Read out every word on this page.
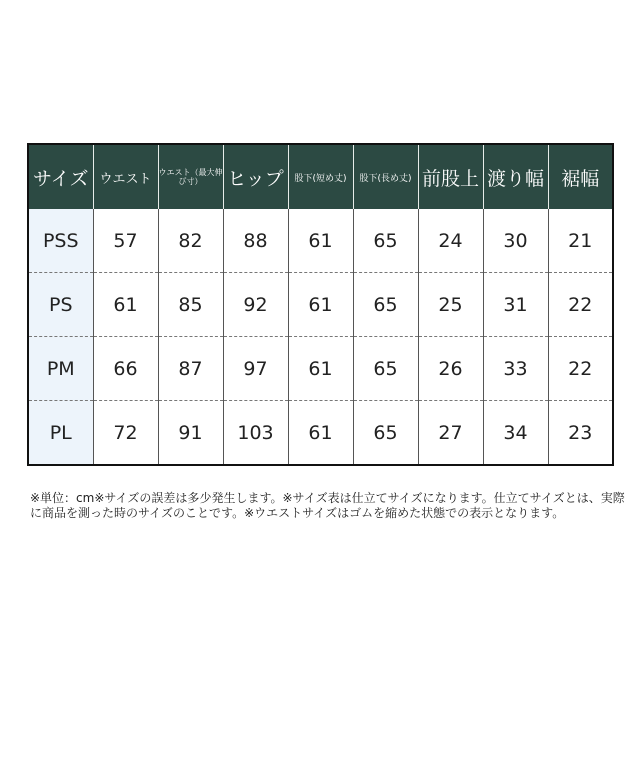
サイズ	ウエスト	ウエスト（最大伸び寸）	ヒップ	股下(短め丈)	股下(長め丈)	前股上	渡り幅	裾幅
PSS	57	82	88	61	65	24	30	21
PS	61	85	92	61	65	25	31	22
PM	66	87	97	61	65	26	33	22
PL	72	91	103	61	65	27	34	23

※単位：cm※サイズの誤差は多少発生します。※サイズ表は仕立てサイズになります。仕立てサイズとは、実際に商品を測った時のサイズのことです。※ウエストサイズはゴムを縮めた状態での表示となります。
